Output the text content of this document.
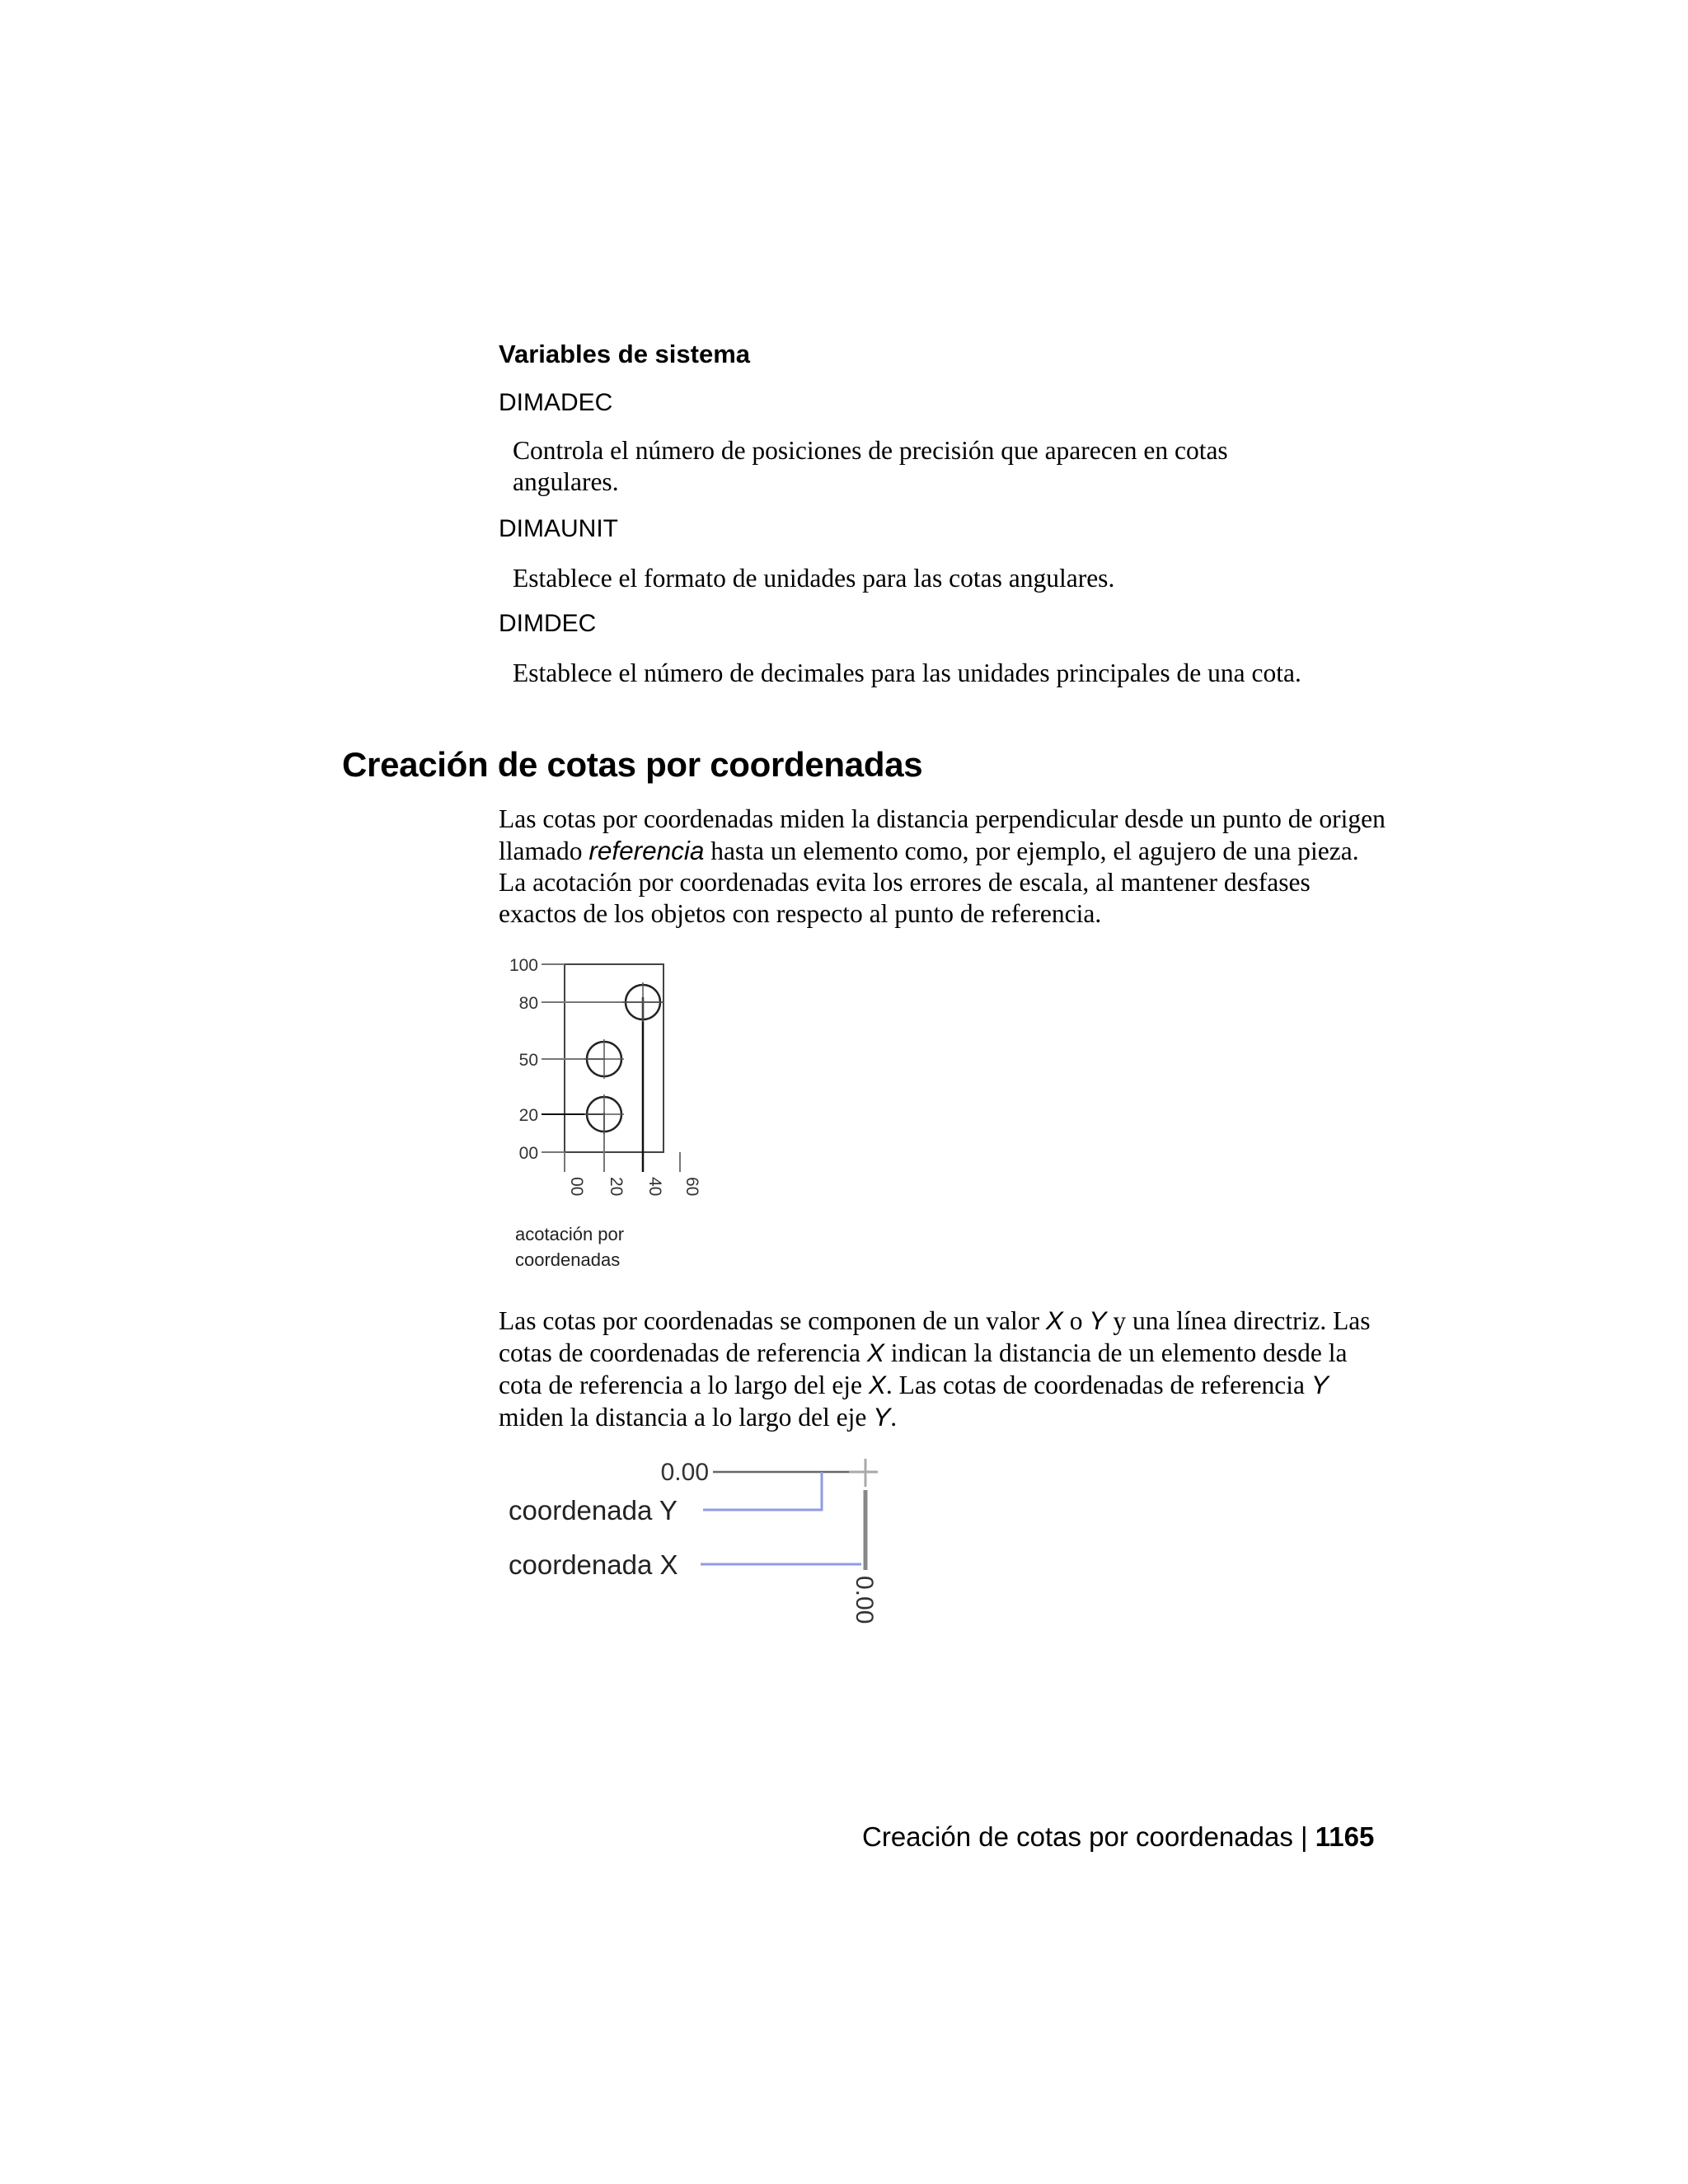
Variables de sistema
DIMADEC
Controla el número de posiciones de precisión que aparecen en cotas angulares.
DIMAUNIT
Establece el formato de unidades para las cotas angulares.
DIMDEC
Establece el número de decimales para las unidades principales de una cota.
Creación de cotas por coordenadas

Las cotas por coordenadas miden la distancia perpendicular desde un punto de origen llamado referencia hasta un elemento como, por ejemplo, el agujero de una pieza. La acotación por coordenadas evita los errores de escala, al mantener desfases exactos de los objetos con respecto al punto de referencia.

100
80
50
20
00
00 20 40 60
acotación por
coordenadas

Las cotas por coordenadas se componen de un valor X o Y y una línea directriz. Las cotas de coordenadas de referencia X indican la distancia de un elemento desde la cota de referencia a lo largo del eje X. Las cotas de coordenadas de referencia Y miden la distancia a lo largo del eje Y.

0.00
coordenada Y
coordenada X
0.00
Creación de cotas por coordenadas | 1165
